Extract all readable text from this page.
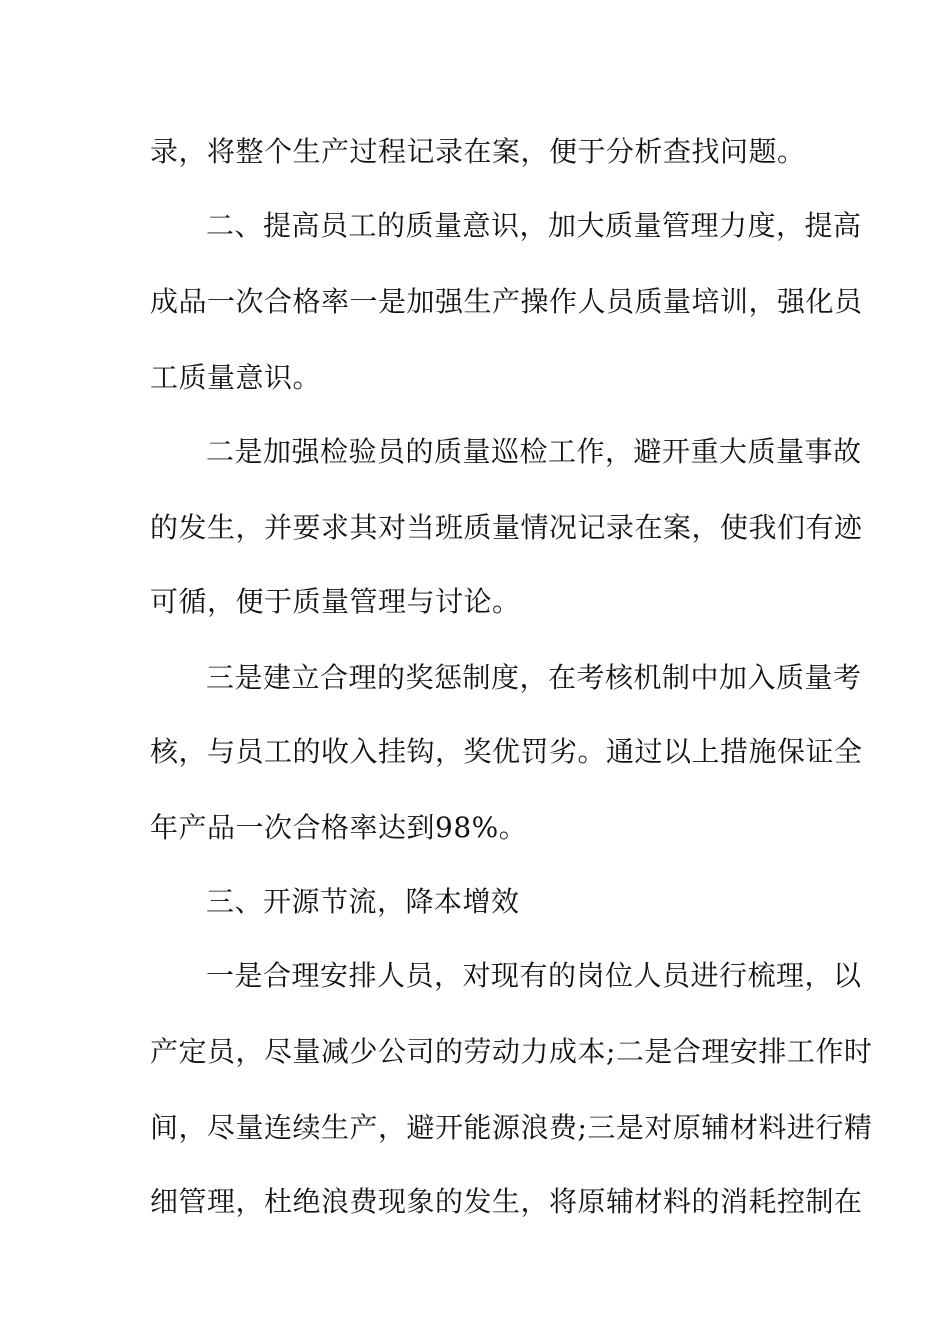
录，将整个生产过程记录在案，便于分析查找问题。
二、提高员工的质量意识，加大质量管理力度，提高
成品一次合格率一是加强生产操作人员质量培训，强化员
工质量意识。
二是加强检验员的质量巡检工作，避开重大质量事故
的发生，并要求其对当班质量情况记录在案，使我们有迹
可循，便于质量管理与讨论。
三是建立合理的奖惩制度，在考核机制中加入质量考
核，与员工的收入挂钩，奖优罚劣。通过以上措施保证全
年产品一次合格率达到98%。
三、开源节流，降本增效
一是合理安排人员，对现有的岗位人员进行梳理，以
产定员，尽量减少公司的劳动力成本;二是合理安排工作时
间，尽量连续生产，避开能源浪费;三是对原辅材料进行精
细管理，杜绝浪费现象的发生，将原辅材料的消耗控制在
